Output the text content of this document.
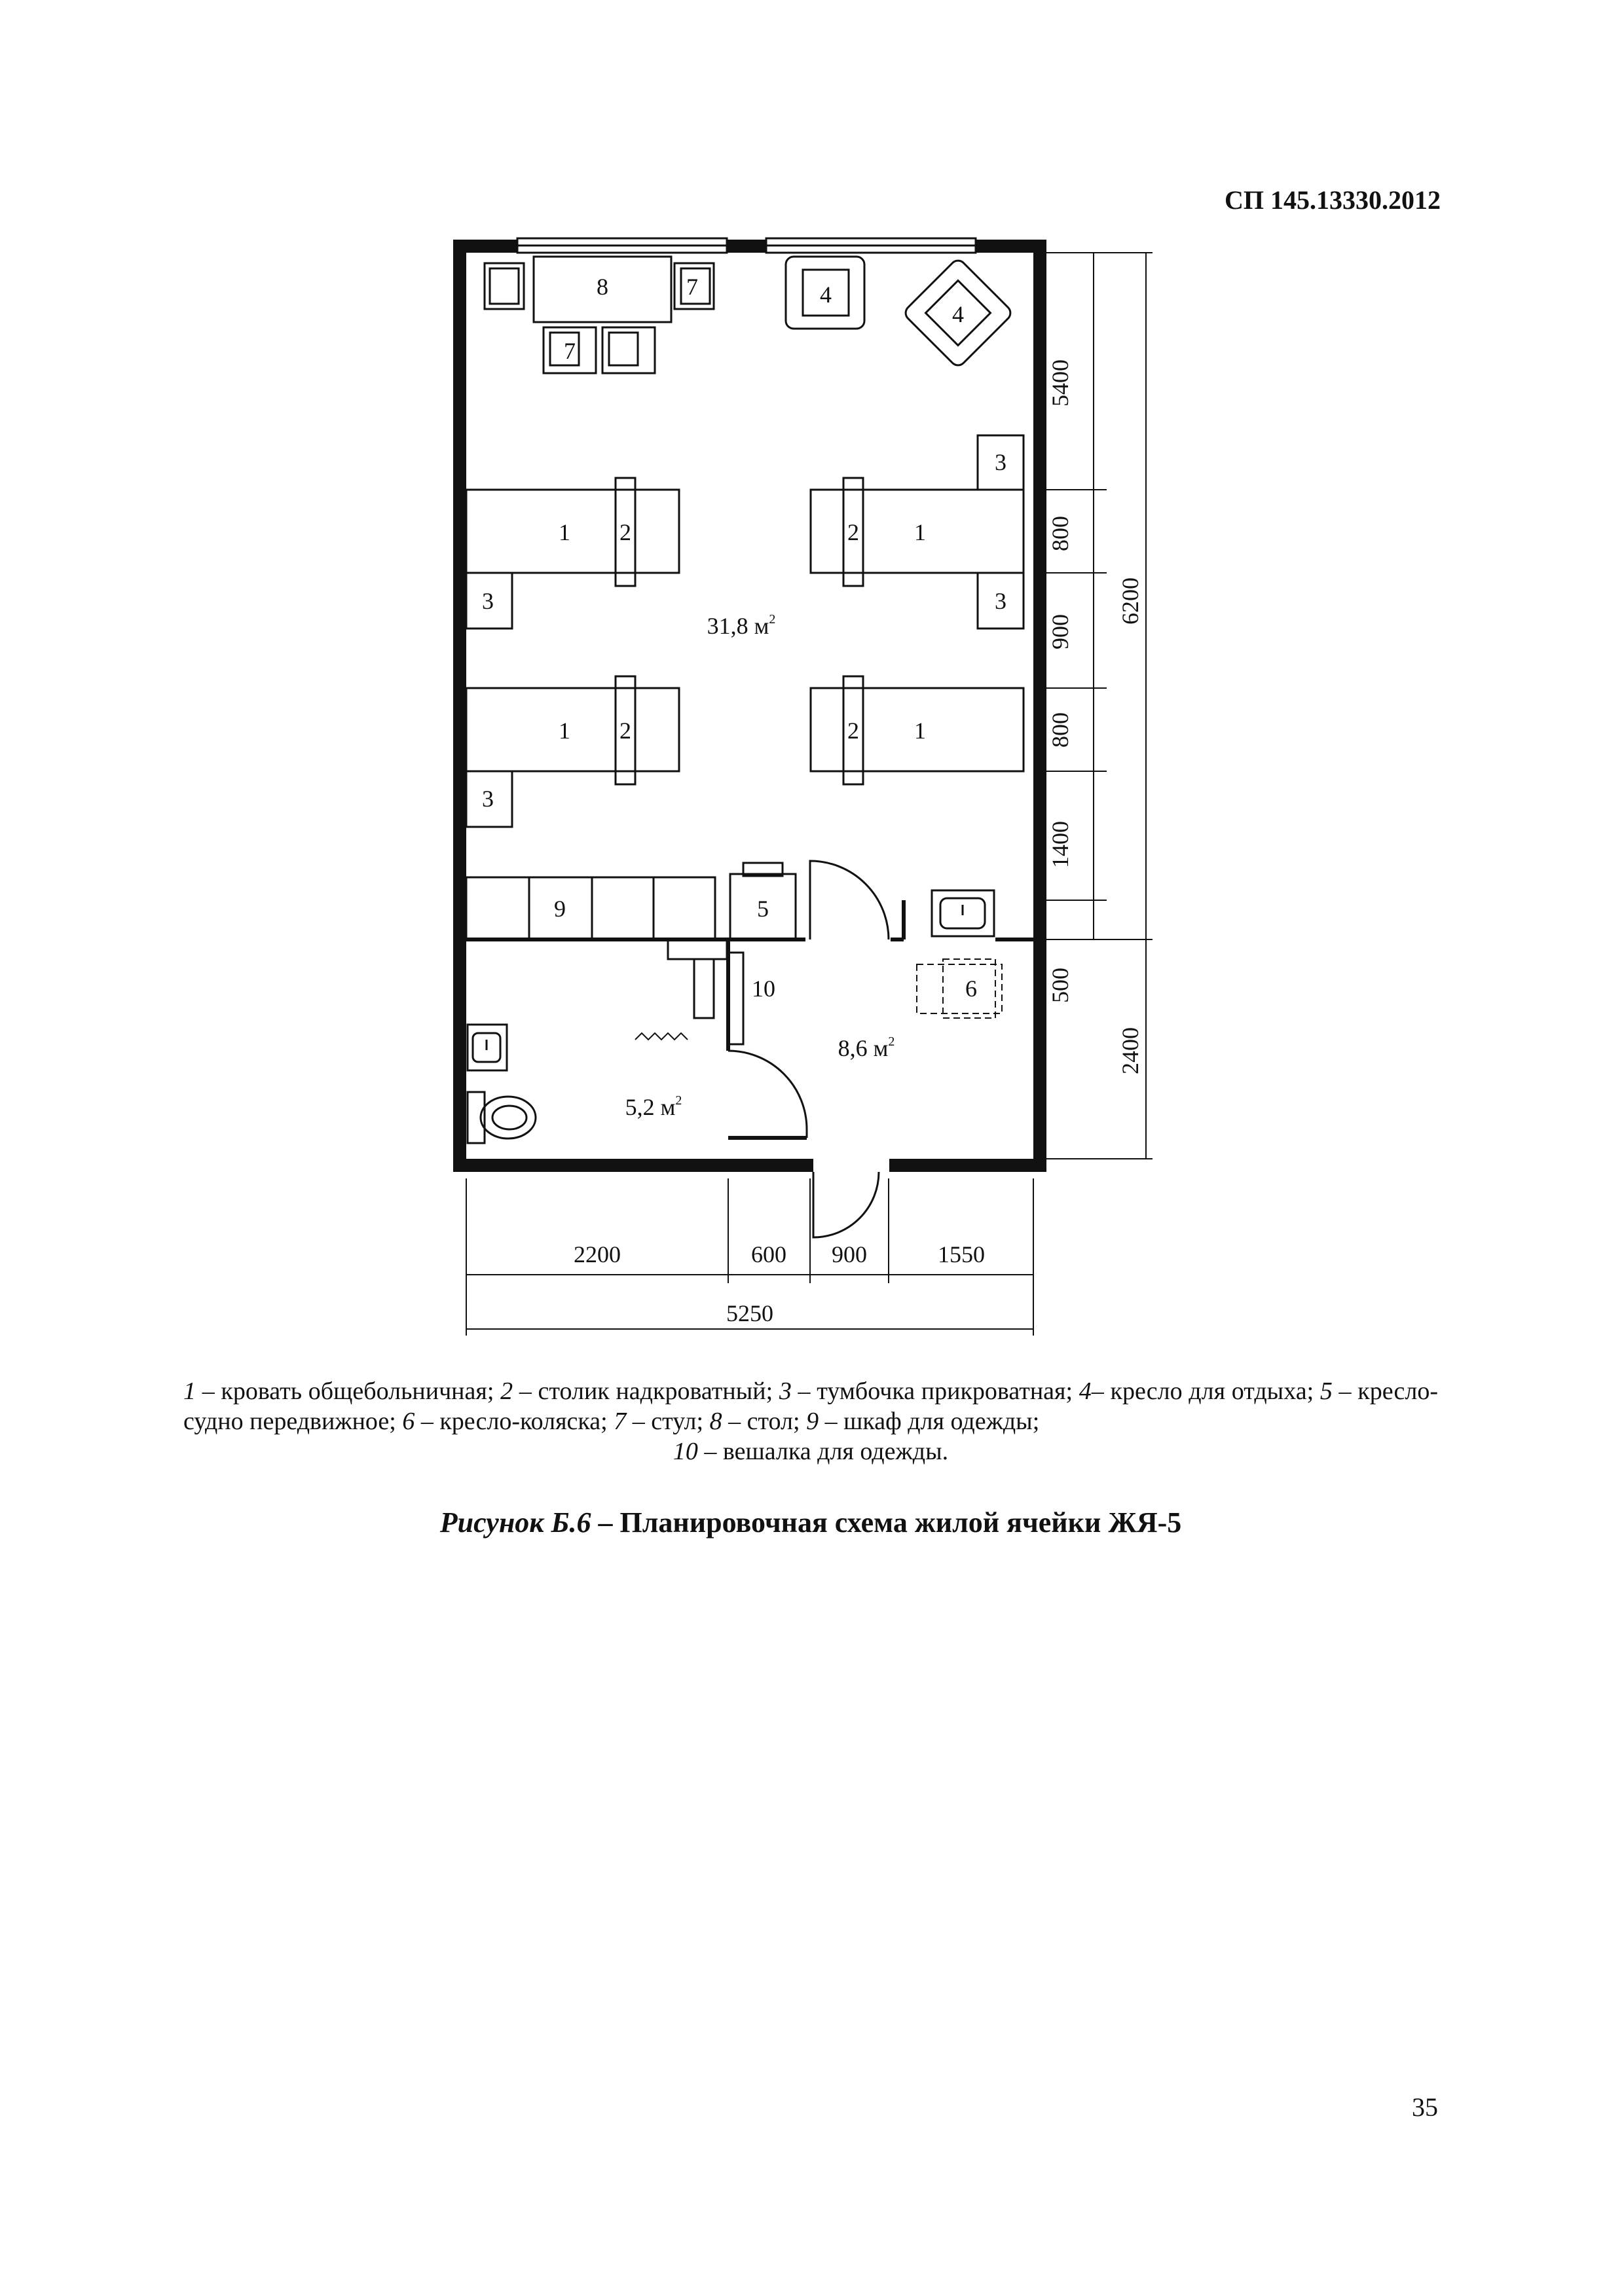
СП 145.13330.2012
8	7
7
4
4
3
1 2	2 1
3	3
1 2	2 1
3
9	5
10	6
31,8 $м^2$
8,6 $м^2$
5,2 $м^2$
5400
800
900
800
1400
500
6200
2400
2200	600 900	1550
5250

1 – кровать общебольничная; 2 – столик надкроватный; 3 – тумбочка прикроватная; 4– кресло для отдыха; 5 – кресло-судно передвижное; 6 – кресло-коляска; 7 – стул; 8 – стол; 9 – шкаф для одежды;

10 – вешалка для одежды.

Рисунок Б.6 – Планировочная схема жилой ячейки ЖЯ-5
35
